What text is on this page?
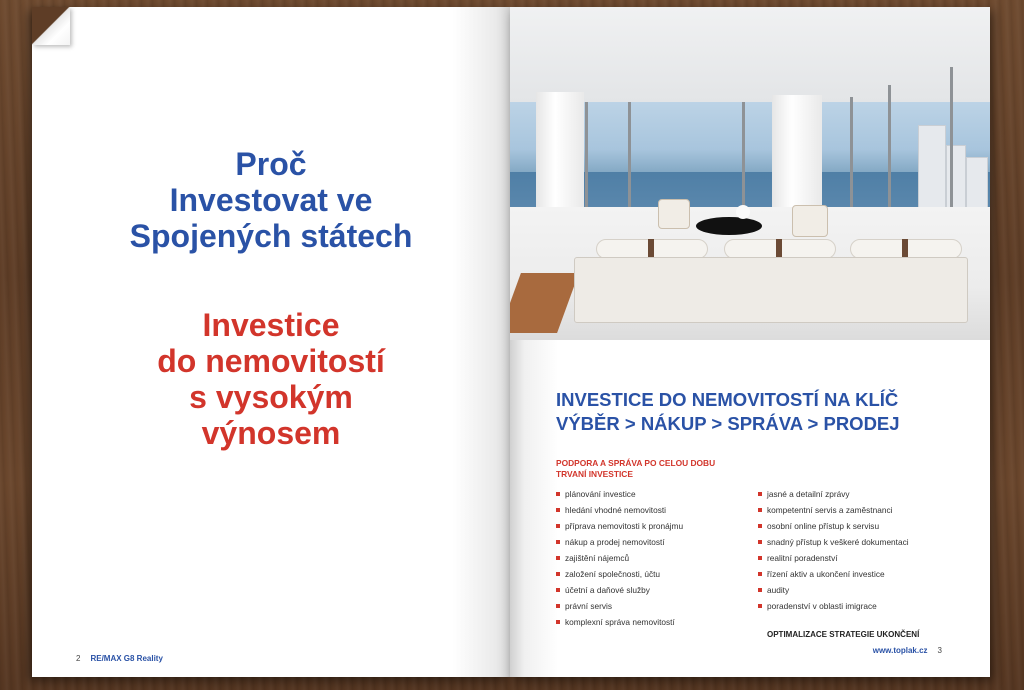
Proč
Investovat ve
Spojených státech
Investice
do nemovitostí
s vysokým
výnosem
2 RE/MAX G8 Reality
INVESTICE DO NEMOVITOSTÍ NA KLÍČ
VÝBĚR > NÁKUP > SPRÁVA > PRODEJ
PODPORA A SPRÁVA PO CELOU DOBU
TRVANÍ INVESTICE
plánování investice
hledání vhodné nemovitosti
příprava nemovitosti k pronájmu
nákup a prodej nemovitostí
zajištění nájemců
založení společnosti, účtu
účetní a daňové služby
právní servis
komplexní správa nemovitostí
jasné a detailní zprávy
kompetentní servis a zaměstnanci
osobní online přístup k servisu
snadný přístup k veškeré dokumentaci
realitní poradenství
řízení aktiv a ukončení investice
audity
poradenství v oblasti imigrace
OPTIMALIZACE STRATEGIE UKONČENÍ
www.toplak.cz 3
